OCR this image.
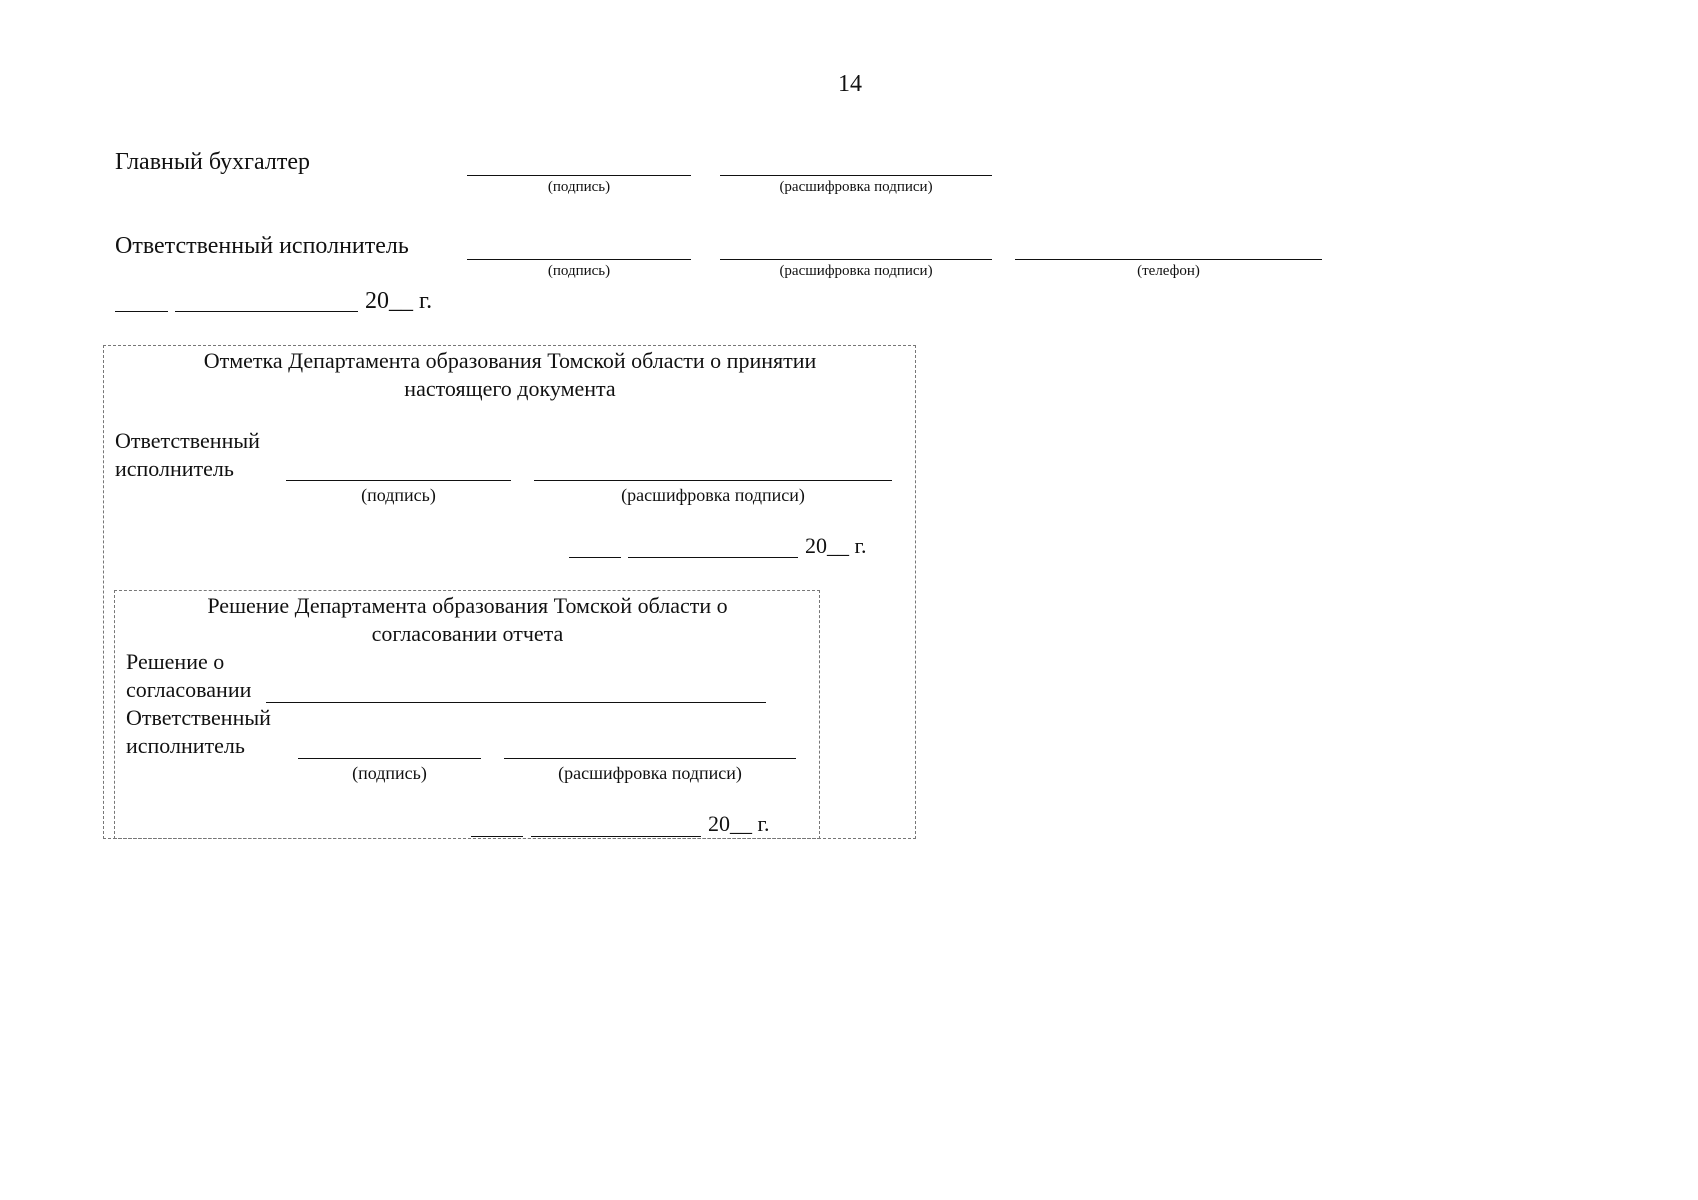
14
Главный бухгалтер
(подпись)	(расшифровка подписи)
Ответственный исполнитель
(подпись)	(расшифровка подписи)	(телефон)
20__ г.
Отметка Департамента образования Томской области о принятии настоящего документа
Ответственный
исполнитель
(подпись)	(расшифровка подписи)
20__ г.
Решение Департамента образования Томской области о согласовании отчета
Решение о
согласовании
Ответственный
исполнитель
(подпись)	(расшифровка подписи)
20__ г.
